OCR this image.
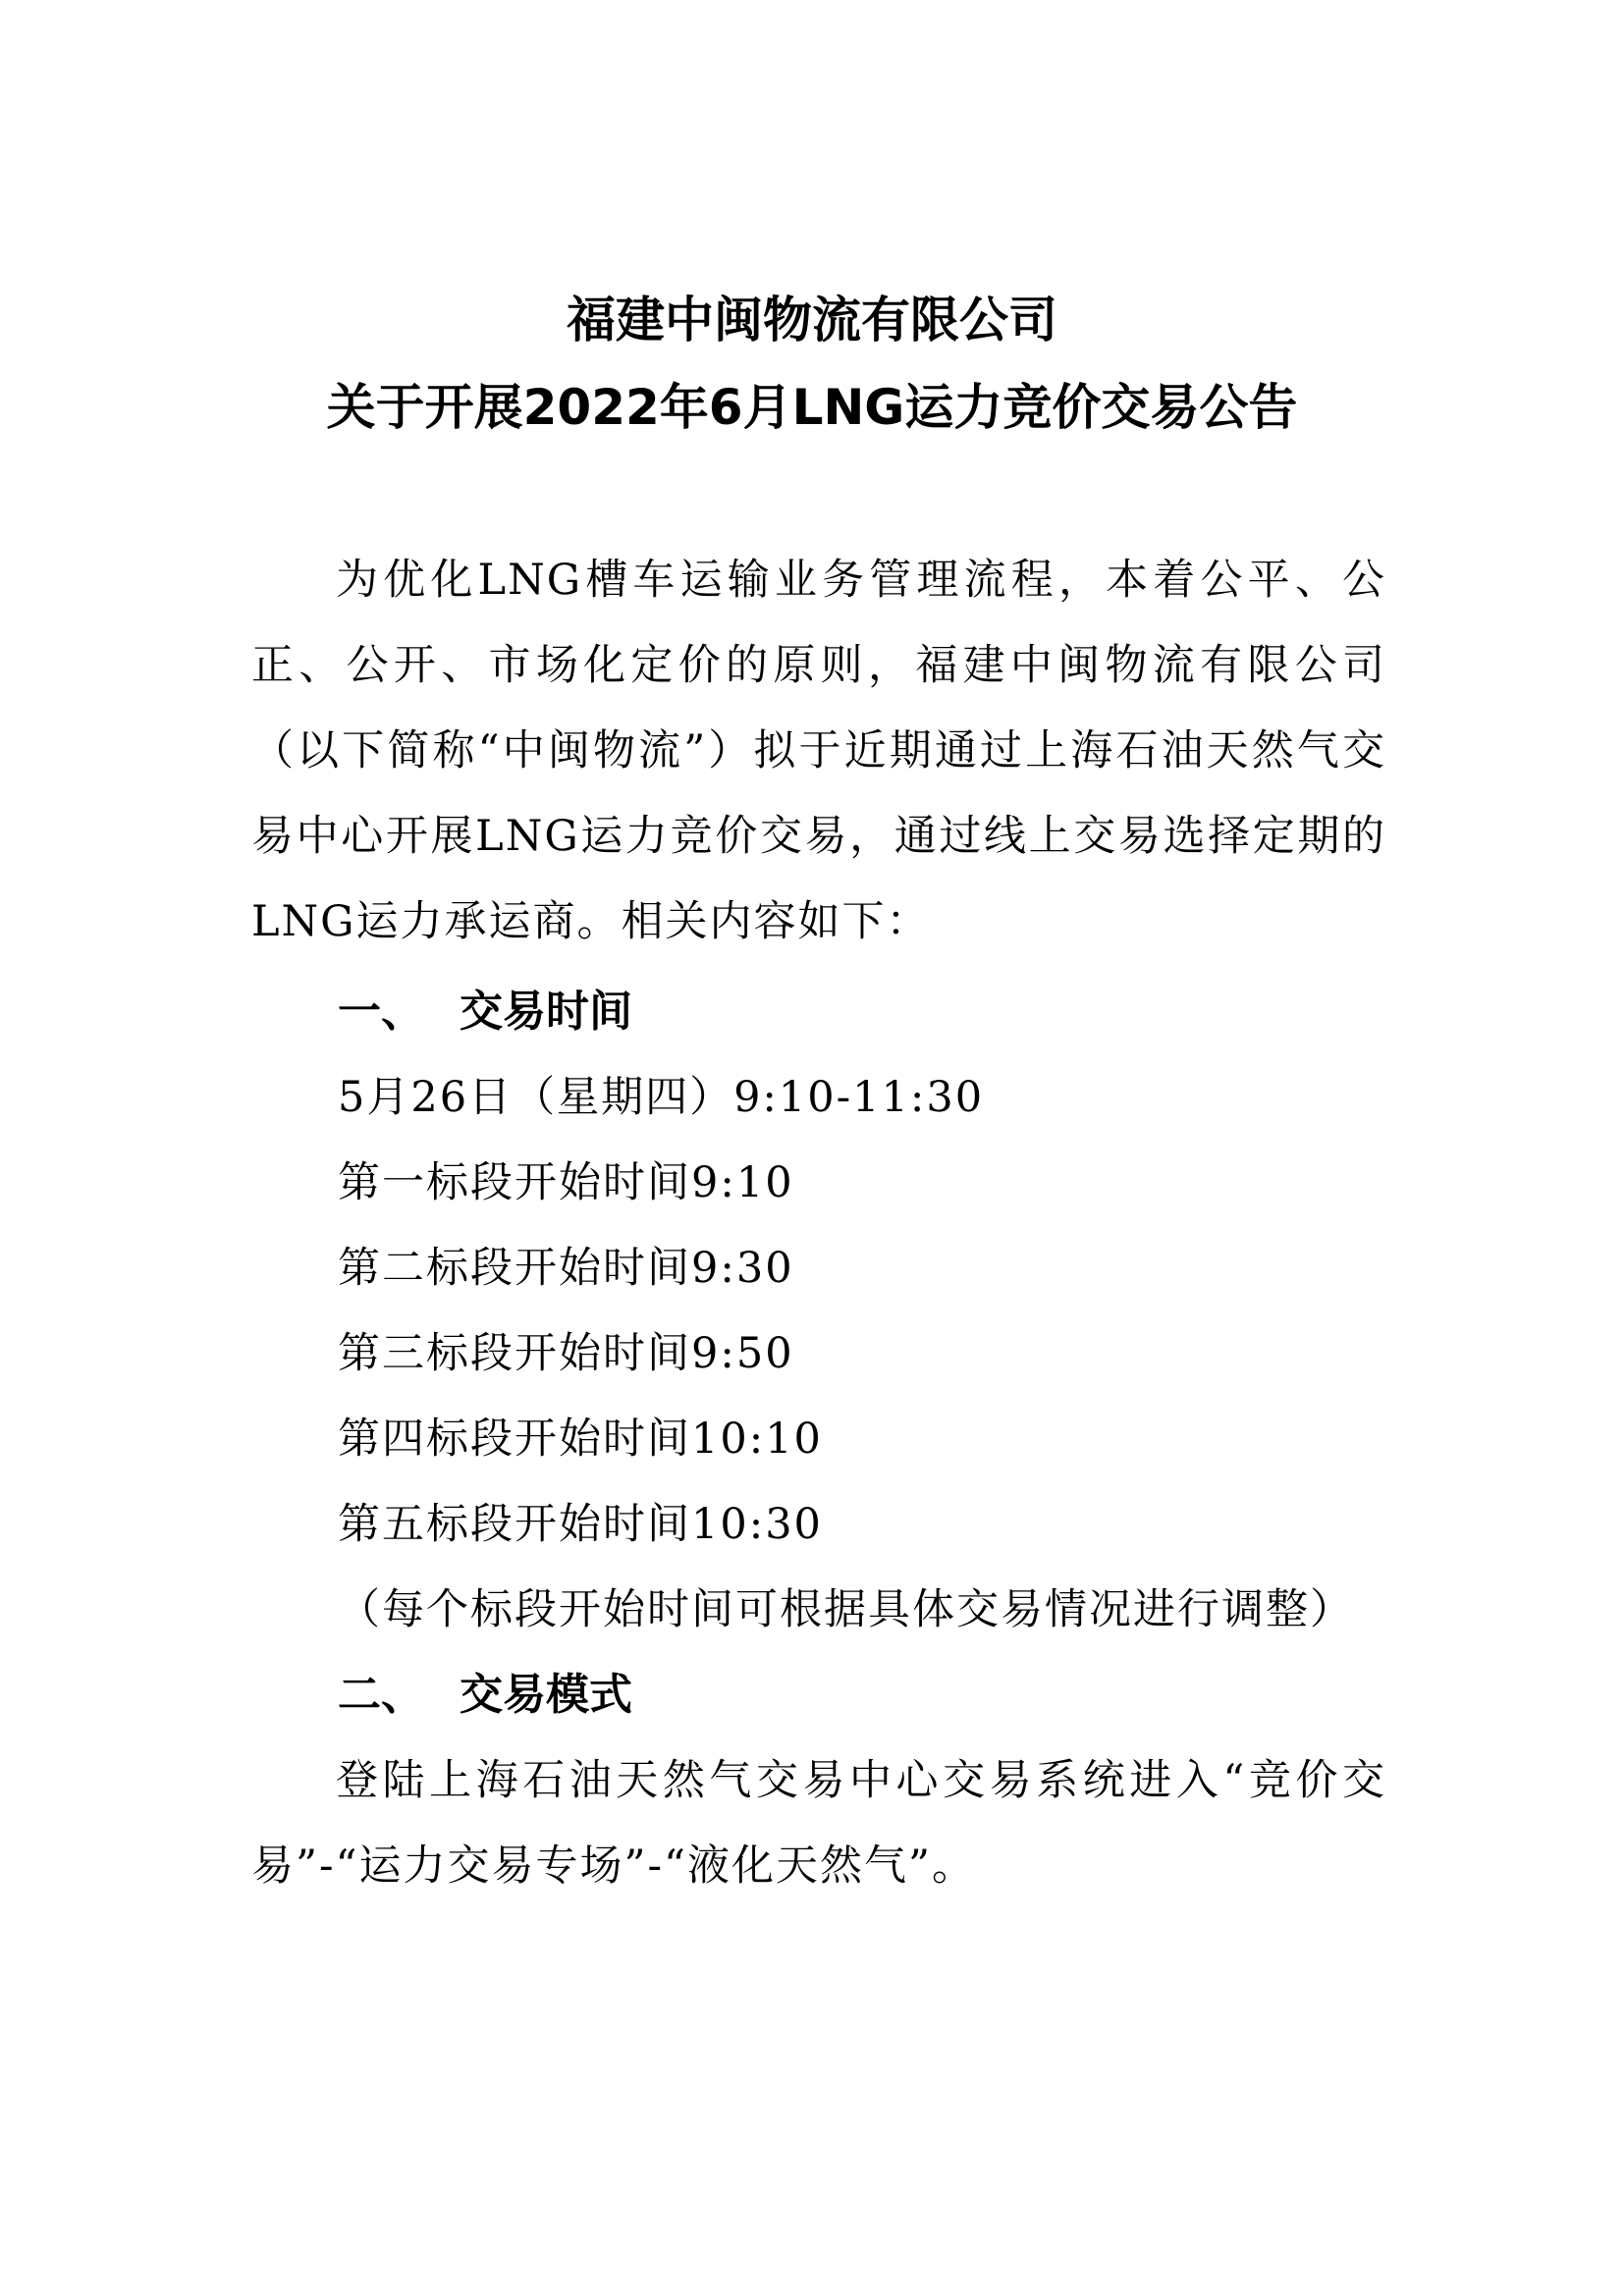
福建中闽物流有限公司
关于开展2022年6月LNG运力竞价交易公告

为优化LNG槽车运输业务管理流程，本着公平、公正、公开、市场化定价的原则，福建中闽物流有限公司（以下简称“中闽物流”）拟于近期通过上海石油天然气交易中心开展LNG运力竞价交易，通过线上交易选择定期的LNG运力承运商。相关内容如下：

一、 交易时间
5月26日（星期四）9:10-11:30
第一标段开始时间9:10
第二标段开始时间9:30
第三标段开始时间9:50
第四标段开始时间10:10
第五标段开始时间10:30
（每个标段开始时间可根据具体交易情况进行调整）
二、 交易模式

登陆上海石油天然气交易中心交易系统进入“竞价交易”-“运力交易专场”-“液化天然气”。
